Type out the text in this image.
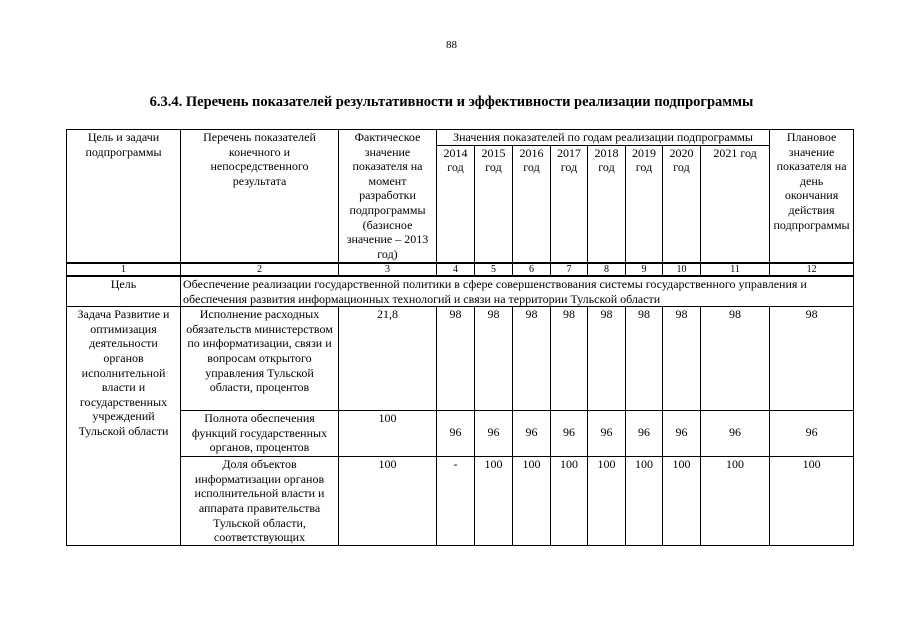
88
6.3.4. Перечень показателей результативности и эффективности реализации подпрограммы
Цель и задачи подпрограммы	Перечень показателей конечного и непосредственного результата	Фактическое значение показателя на момент разработки подпрограммы (базисное значение – 2013 год)	Значения показателей по годам реализации подпрограммы								Плановое значение показателя на день окончания действия подпрограммы
			2014 год	2015 год	2016 год	2017 год	2018 год	2019 год	2020 год	2021 год	
1	2	3	4	5	6	7	8	9	10	11	12
Цель	Обеспечение реализации государственной политики в сфере совершенствования системы государственного управления и обеспечения развития информационных технологий и связи на территории Тульской области										
Задача Развитие и оптимизация деятельности органов исполнительной власти и государственных учреждений Тульской области	Исполнение расходных обязательств министерством по информатизации, связи и вопросам открытого управления Тульской области, процентов	21,8	98	98	98	98	98	98	98	98	98
	Полнота обеспечения функций государственных органов, процентов	100	96	96	96	96	96	96	96	96	96
	Доля объектов информатизации органов исполнительной власти и аппарата правительства Тульской области, соответствующих	100	-	100	100	100	100	100	100	100	100
